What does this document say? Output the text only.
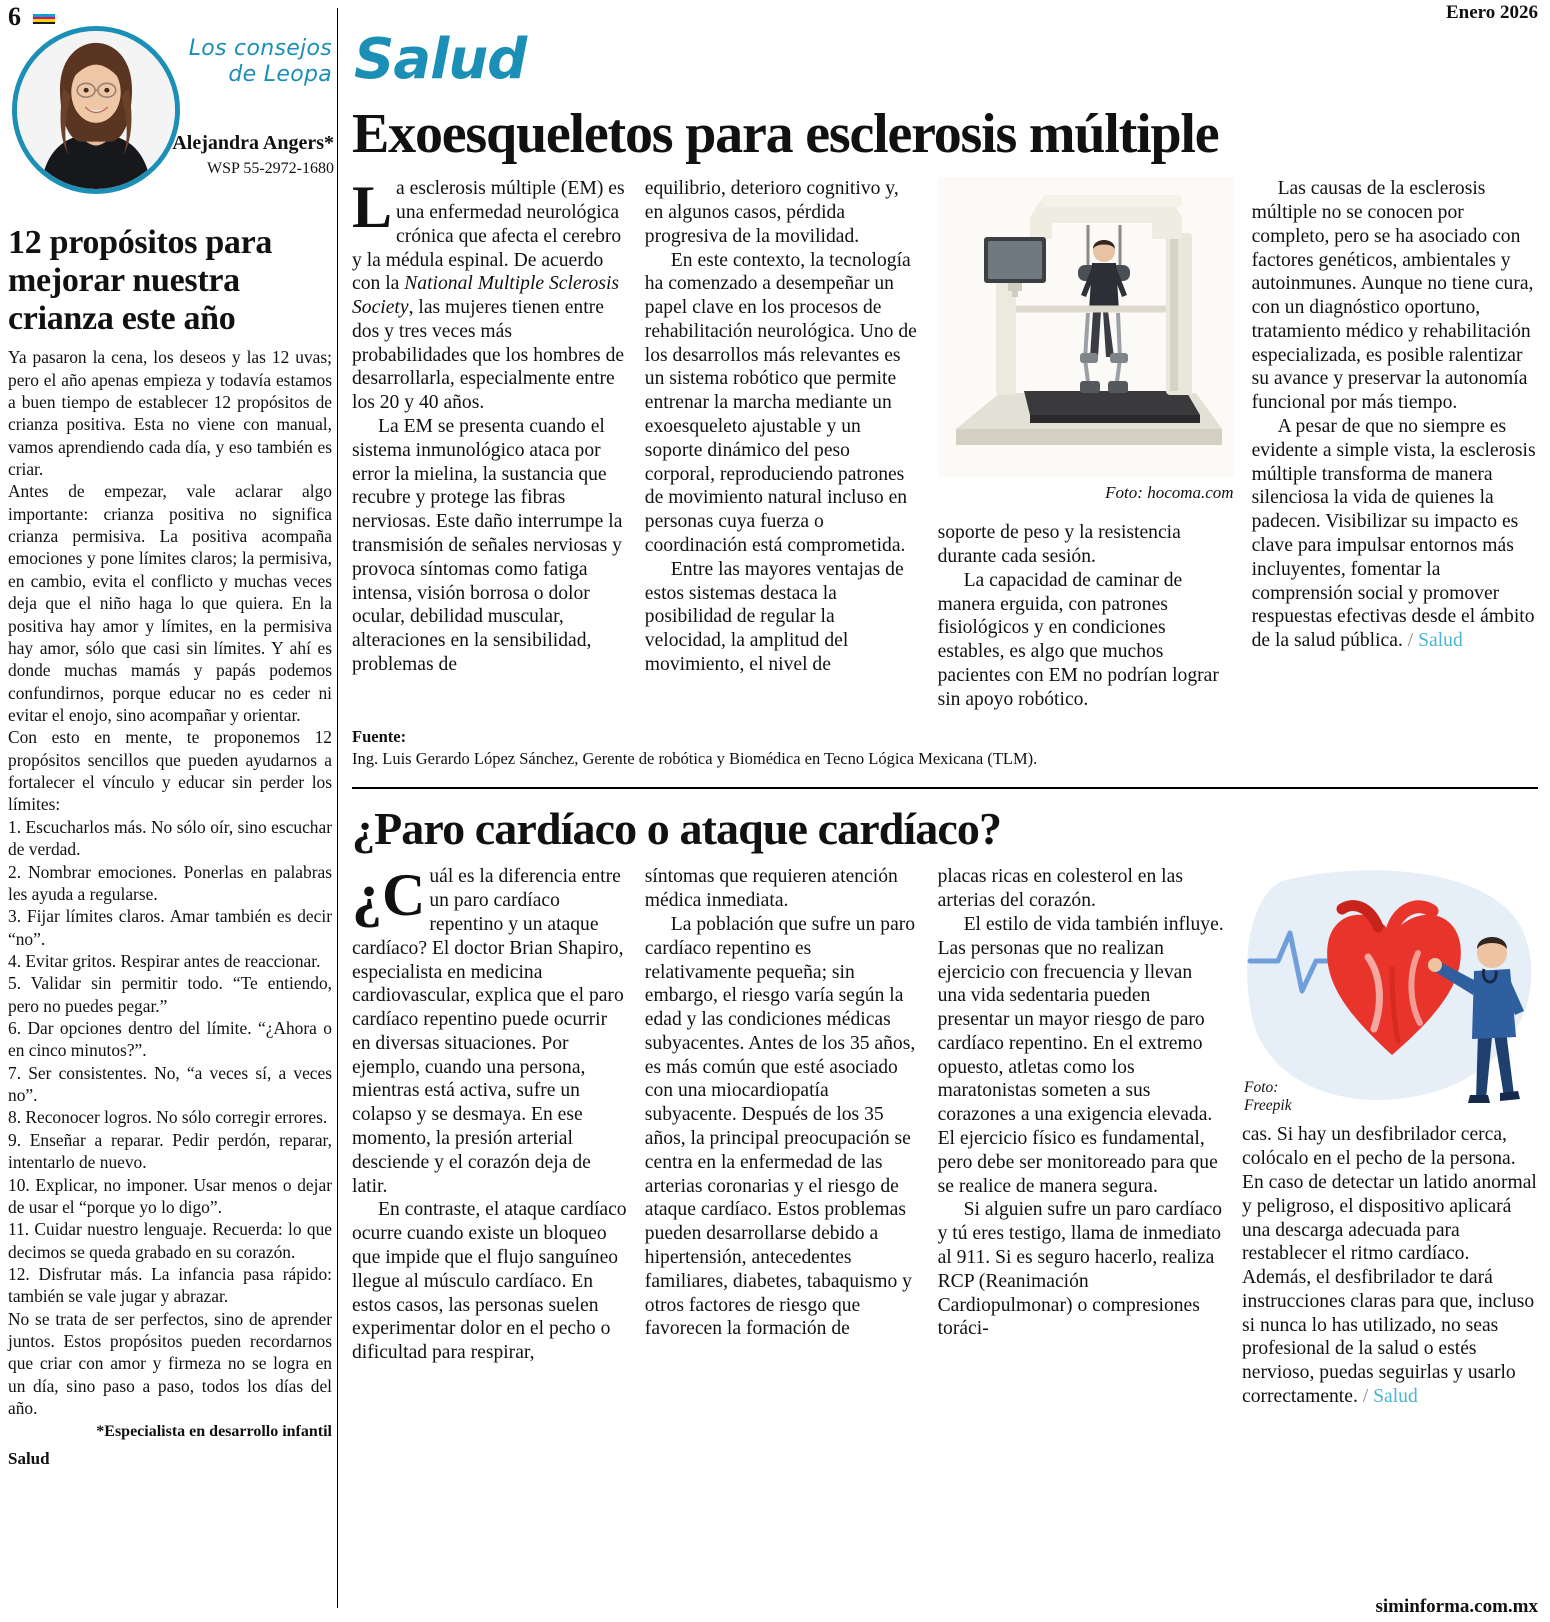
6	Enero 2026
Los consejos
de Leopa
Alejandra Angers*
WSP 55-2972-1680
12 propósitos para mejorar nuestra crianza este año

Ya pasaron la cena, los deseos y las 12 uvas; pero el año apenas empieza y todavía estamos a buen tiempo de establecer 12 propósitos de crianza positiva. Esta no viene con manual, vamos aprendiendo cada día, y eso también es criar.

Antes de empezar, vale aclarar algo importante: crianza positiva no significa crianza permisiva. La positiva acompaña emociones y pone límites claros; la permisiva, en cambio, evita el conflicto y muchas veces deja que el niño haga lo que quiera. En la positiva hay amor y límites, en la permisiva hay amor, sólo que casi sin límites. Y ahí es donde muchas mamás y papás podemos confundirnos, porque educar no es ceder ni evitar el enojo, sino acompañar y orientar.

Con esto en mente, te proponemos 12 propósitos sencillos que pueden ayudarnos a fortalecer el vínculo y educar sin perder los límites:

1. Escucharlos más. No sólo oír, sino escuchar de verdad.

2. Nombrar emociones. Ponerlas en palabras les ayuda a regularse.

3. Fijar límites claros. Amar también es decir “no”.

4. Evitar gritos. Respirar antes de reaccionar.

5. Validar sin permitir todo. “Te entiendo, pero no puedes pegar.”

6. Dar opciones dentro del límite. “¿Ahora o en cinco minutos?”.

7. Ser consistentes. No, “a veces sí, a veces no”.

8. Reconocer logros. No sólo corregir errores.

9. Enseñar a reparar. Pedir perdón, reparar, intentarlo de nuevo.

10. Explicar, no imponer. Usar menos o dejar de usar el “porque yo lo digo”.

11. Cuidar nuestro lenguaje. Recuerda: lo que decimos se queda grabado en su corazón.

12. Disfrutar más. La infancia pasa rápido: también se vale jugar y abrazar.

No se trata de ser perfectos, sino de aprender juntos. Estos propósitos pueden recordarnos que criar con amor y firmeza no se logra en un día, sino paso a paso, todos los días del año.

*Especialista en desarrollo infantil
Salud
Salud
Exoesqueletos para esclerosis múltiple

La esclerosis múltiple (EM) es una enfermedad neurológica crónica que afecta el cerebro y la médula espinal. De acuerdo con la National Multiple Sclerosis Society, las mujeres tienen entre dos y tres veces más probabilidades que los hombres de desarrollarla, especialmente entre los 20 y 40 años.

La EM se presenta cuando el sistema inmunológico ataca por error la mielina, la sustancia que recubre y protege las fibras nerviosas. Este daño interrumpe la transmisión de señales nerviosas y provoca síntomas como fatiga intensa, visión borrosa o dolor ocular, debilidad muscular, alteraciones en la sensibilidad, problemas de

equilibrio, deterioro cognitivo y, en algunos casos, pérdida progresiva de la movilidad.

En este contexto, la tecnología ha comenzado a desempeñar un papel clave en los procesos de rehabilitación neurológica. Uno de los desarrollos más relevantes es un sistema robótico que permite entrenar la marcha mediante un exoesqueleto ajustable y un soporte dinámico del peso corporal, reproduciendo patrones de movimiento natural incluso en personas cuya fuerza o coordinación está comprometida.

Entre las mayores ventajas de estos sistemas destaca la posibilidad de regular la velocidad, la amplitud del movimiento, el nivel de

Foto: hocoma.com

soporte de peso y la resistencia durante cada sesión.

La capacidad de caminar de manera erguida, con patrones fisiológicos y en condiciones estables, es algo que muchos pacientes con EM no podrían lograr sin apoyo robótico.

Las causas de la esclerosis múltiple no se conocen por completo, pero se ha asociado con factores genéticos, ambientales y autoinmunes. Aunque no tiene cura, con un diagnóstico oportuno, tratamiento médico y rehabilitación especializada, es posible ralentizar su avance y preservar la autonomía funcional por más tiempo.

A pesar de que no siempre es evidente a simple vista, la esclerosis múltiple transforma de manera silenciosa la vida de quienes la padecen. Visibilizar su impacto es clave para impulsar entornos más incluyentes, fomentar la comprensión social y promover respuestas efectivas desde el ámbito de la salud pública. / Salud

Fuente:
Ing. Luis Gerardo López Sánchez, Gerente de robótica y Biomédica en Tecno Lógica Mexicana (TLM).
¿Paro cardíaco o ataque cardíaco?

¿Cuál es la diferencia entre un paro cardíaco repentino y un ataque cardíaco? El doctor Brian Shapiro, especialista en medicina cardiovascular, explica que el paro cardíaco repentino puede ocurrir en diversas situaciones. Por ejemplo, cuando una persona, mientras está activa, sufre un colapso y se desmaya. En ese momento, la presión arterial desciende y el corazón deja de latir.

En contraste, el ataque cardíaco ocurre cuando existe un bloqueo que impide que el flujo sanguíneo llegue al músculo cardíaco. En estos casos, las personas suelen experimentar dolor en el pecho o dificultad para respirar,

síntomas que requieren atención médica inmediata.

La población que sufre un paro cardíaco repentino es relativamente pequeña; sin embargo, el riesgo varía según la edad y las condiciones médicas subyacentes. Antes de los 35 años, es más común que esté asociado con una miocardiopatía subyacente. Después de los 35 años, la principal preocupación se centra en la enfermedad de las arterias coronarias y el riesgo de ataque cardíaco. Estos problemas pueden desarrollarse debido a hipertensión, antecedentes familiares, diabetes, tabaquismo y otros factores de riesgo que favorecen la formación de

placas ricas en colesterol en las arterias del corazón.

El estilo de vida también influye. Las personas que no realizan ejercicio con frecuencia y llevan una vida sedentaria pueden presentar un mayor riesgo de paro cardíaco repentino. En el extremo opuesto, atletas como los maratonistas someten a sus corazones a una exigencia elevada. El ejercicio físico es fundamental, pero debe ser monitoreado para que se realice de manera segura.

Si alguien sufre un paro cardíaco y tú eres testigo, llama de inmediato al 911. Si es seguro hacerlo, realiza RCP (Reanimación Cardiopulmonar) o compresiones toráci-

Foto:
Freepik

cas. Si hay un desfibrilador cerca, colócalo en el pecho de la persona. En caso de detectar un latido anormal y peligroso, el dispositivo aplicará una descarga adecuada para restablecer el ritmo cardíaco. Además, el desfibrilador te dará instrucciones claras para que, incluso si nunca lo has utilizado, no seas profesional de la salud o estés nervioso, puedas seguirlas y usarlo correctamente. / Salud

siminforma.com.mx
